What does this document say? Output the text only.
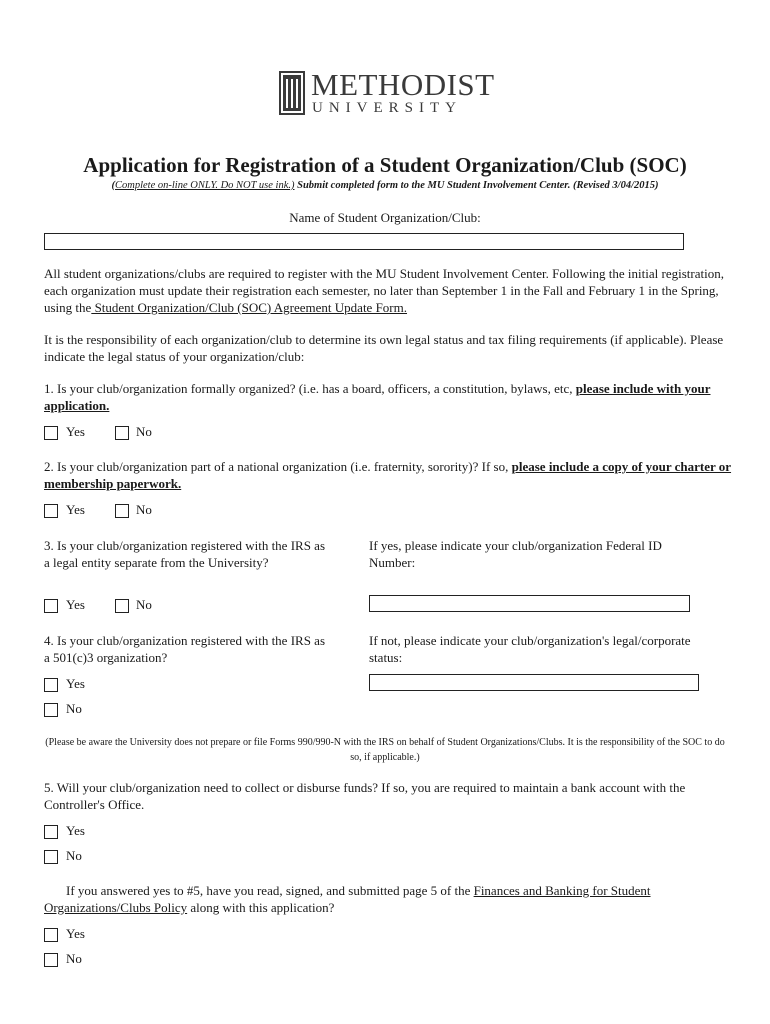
METHODIST
UNIVERSITY
Application for Registration of a Student Organization/Club (SOC)
(Complete on-line ONLY. Do NOT use ink.) Submit completed form to the MU Student Involvement Center. (Revised 3/04/2015)
Name of Student Organization/Club:
All student organizations/clubs are required to register with the MU Student Involvement Center. Following the initial registration, each organization must update their registration each semester, no later than September 1 in the Fall and February 1 in the Spring, using the Student Organization/Club (SOC) Agreement Update Form.
It is the responsibility of each organization/club to determine its own legal status and tax filing requirements (if applicable). Please indicate the legal status of your organization/club:
1. Is your club/organization formally organized? (i.e. has a board, officers, a constitution, bylaws, etc, please include with your application.
Yes	No
2. Is your club/organization part of a national organization (i.e. fraternity, sorority)? If so, please include a copy of your charter or membership paperwork.
Yes	No
3. Is your club/organization registered with the IRS as a legal entity separate from the University?
If yes, please indicate your club/organization Federal ID Number:
Yes	No
4. Is your club/organization registered with the IRS as a 501(c)3 organization?
If not, please indicate your club/organization's legal/corporate status:
Yes
No
(Please be aware the University does not prepare or file Forms 990/990-N with the IRS on behalf of Student Organizations/Clubs. It is the responsibility of the SOC to do so, if applicable.)
5. Will your club/organization need to collect or disburse funds? If so, you are required to maintain a bank account with the Controller's Office.
Yes
No
If you answered yes to #5, have you read, signed, and submitted page 5 of the Finances and Banking for Student Organizations/Clubs Policy along with this application?
Yes
No
